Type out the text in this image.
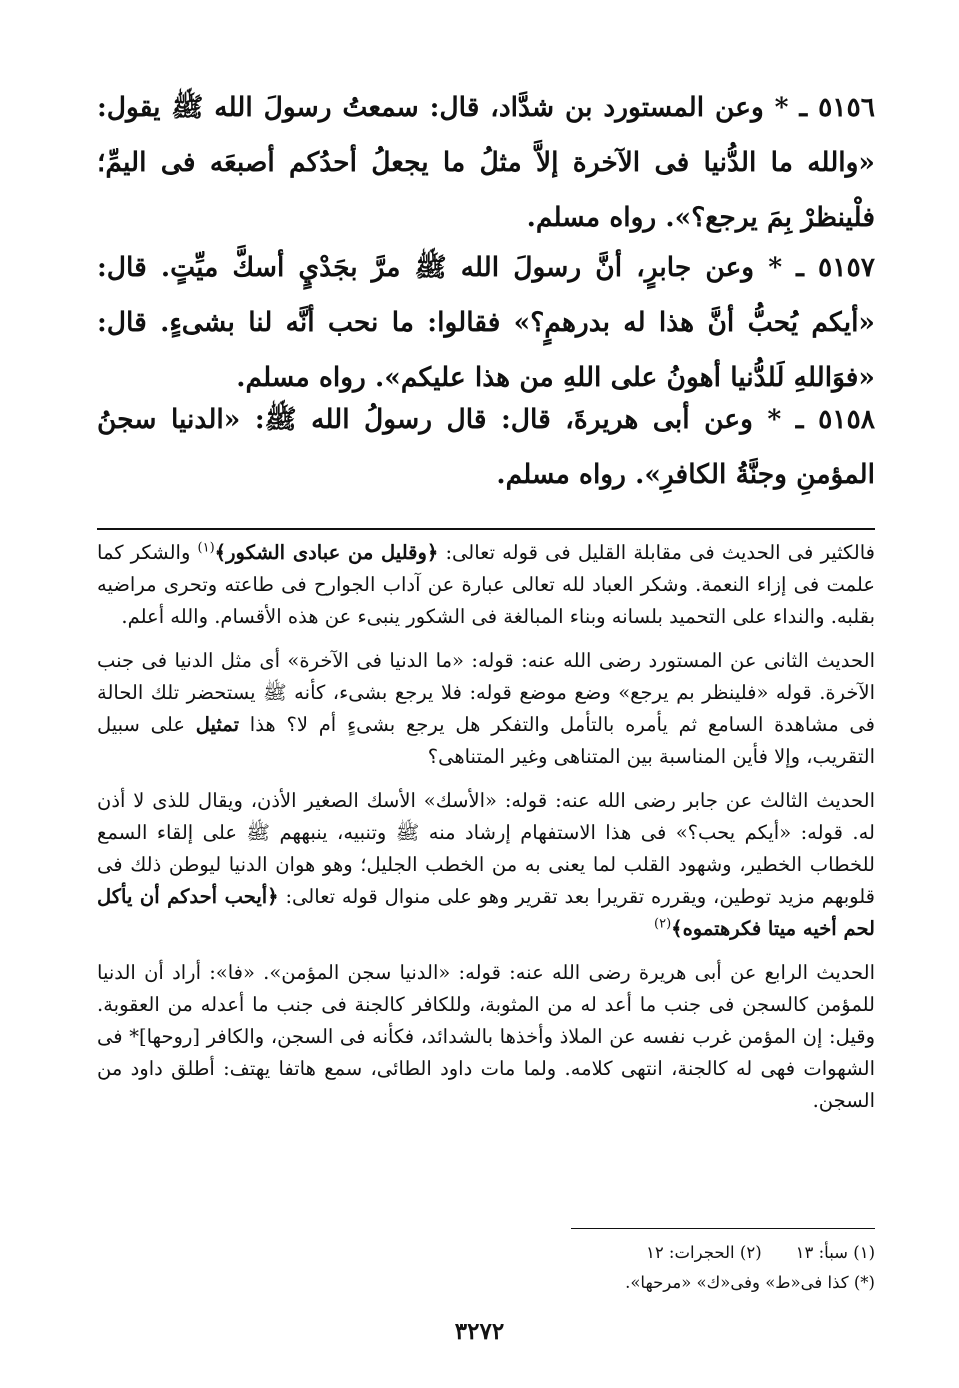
٥١٥٦ ـ * وعن المستورد بن شدَّاد، قال: سمعتُ رسولَ الله ﷺ يقول: «والله ما الدُّنيا فى الآخرة إلاَّ مثلُ ما يجعلُ أحدُكم أصبعَه فى اليمِّ؛ فلْينظرْ بِمَ يرجع؟». رواه مسلم.
٥١٥٧ ـ * وعن جابرٍ، أنَّ رسولَ الله ﷺ مرَّ بجَدْيٍ أسكَّ ميِّتٍ. قال: «أيكم يُحبُّ أنَّ هذا له بدرهمٍ؟» فقالوا: ما نحب أنَّه لنا بشىءٍ. قال: «فوَاللهِ لَلدُّنيا أهونُ على اللهِ من هذا عليكم». رواه مسلم.
٥١٥٨ ـ * وعن أبى هريرةَ، قال: قال رسولُ الله ﷺ: «الدنيا سجنُ المؤمنِ وجنَّةُ الكافرِ». رواه مسلم.

فالكثير فى الحديث فى مقابلة القليل فى قوله تعالى: ﴿وقليل من عبادى الشكور﴾$^{(١)}$ والشكر كما علمت فى إزاء النعمة. وشكر العباد لله تعالى عبارة عن آداب الجوارح فى طاعته وتحرى مراضيه بقلبه. والنداء على التحميد بلسانه وبناء المبالغة فى الشكور ينبىء عن هذه الأقسام. والله أعلم.

الحديث الثانى عن المستورد رضى الله عنه: قوله: «ما الدنيا فى الآخرة» أى مثل الدنيا فى جنب الآخرة. قوله «فلينظر بم يرجع» وضع موضع قوله: فلا يرجع بشىء، كأنه ﷺ يستحضر تلك الحالة فى مشاهدة السامع ثم يأمره بالتأمل والتفكر هل يرجع بشىءٍ أم لا؟ هذا تمثيل على سبيل التقريب، وإلا فأين المناسبة بين المتناهى وغير المتناهى؟

الحديث الثالث عن جابر رضى الله عنه: قوله: «الأسك» الأسك الصغير الأذن، ويقال للذى لا أذن له. قوله: «أيكم يحب؟» فى هذا الاستفهام إرشاد منه ﷺ وتنبيه، ينبههم ﷺ على إلقاء السمع للخطاب الخطير، وشهود القلب لما يعنى به من الخطب الجليل؛ وهو هوان الدنيا ليوطن ذلك فى قلوبهم مزيد توطين، ويقرره تقريرا بعد تقرير وهو على منوال قوله تعالى: ﴿أيحب أحدكم أن يأكل لحم أخيه ميتا فكرهتموه﴾$^{(٢)}$

الحديث الرابع عن أبى هريرة رضى الله عنه: قوله: «الدنيا سجن المؤمن». «فا»: أراد أن الدنيا للمؤمن كالسجن فى جنب ما أعد له من المثوبة، وللكافر كالجنة فى جنب ما أعدله من العقوبة. وقيل: إن المؤمن غرب نفسه عن الملاذ وأخذها بالشدائد، فكأنه فى السجن، والكافر [روحها]* فى الشهوات فهى له كالجنة، انتهى كلامه. ولما مات داود الطائى، سمع هاتفا يهتف: أطلق داود من السجن.

(١) سبأ: ١٣(٢) الحجرات: ١٢
(*) كذا فى«ط» وفى«ك» «مرحها».
٣٢٧٢
